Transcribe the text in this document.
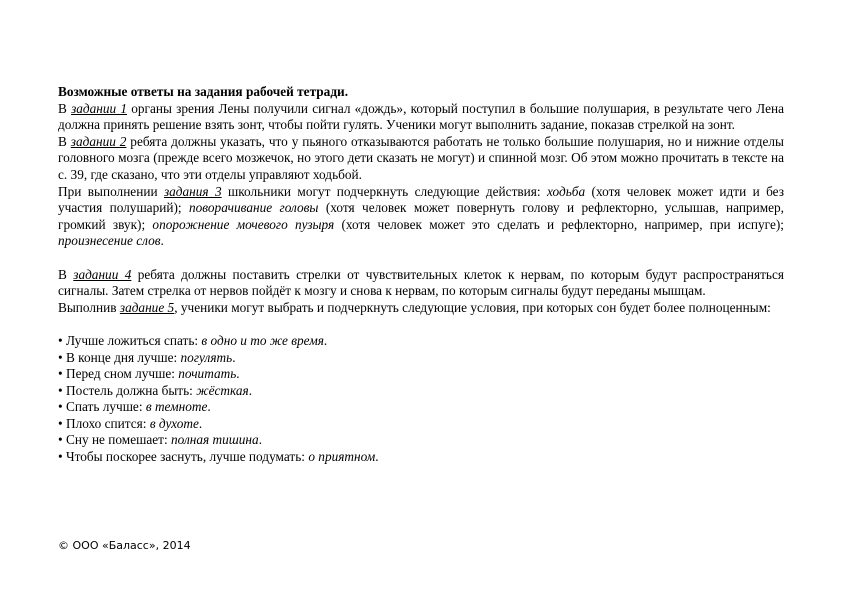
Возможные ответы на задания рабочей тетради.

В задании 1 органы зрения Лены получили сигнал «дождь», который поступил в большие полушария, в результате чего Лена должна принять решение взять зонт, чтобы пойти гулять. Ученики могут выполнить задание, показав стрелкой на зонт.

В задании 2 ребята должны указать, что у пьяного отказываются работать не только большие полушария, но и нижние отделы головного мозга (прежде всего мозжечок, но этого дети сказать не могут) и спинной мозг. Об этом можно прочитать в тексте на с. 39, где сказано, что эти отделы управляют ходьбой.

При выполнении задания 3 школьники могут подчеркнуть следующие действия: ходьба (хотя человек может идти и без участия полушарий); поворачивание головы (хотя человек может повернуть голову и рефлекторно, услышав, например, громкий звук); опорожнение мочевого пузыря (хотя человек может это сделать и рефлекторно, например, при испуге); произнесение слов.

В задании 4 ребята должны поставить стрелки от чувствительных клеток к нервам, по которым будут распространяться сигналы. Затем стрелка от нервов пойдёт к мозгу и снова к нервам, по которым сигналы будут переданы мышцам.

Выполнив задание 5, ученики могут выбрать и подчеркнуть следующие условия, при которых сон будет более полноценным:

• Лучше ложиться спать: в одно и то же время.
• В конце дня лучше: погулять.
• Перед сном лучше: почитать.
• Постель должна быть: жёсткая.
• Спать лучше: в темноте.
• Плохо спится: в духоте.
• Сну не помешает: полная тишина.
• Чтобы поскорее заснуть, лучше подумать: о приятном.
© ООО «Баласс», 2014
